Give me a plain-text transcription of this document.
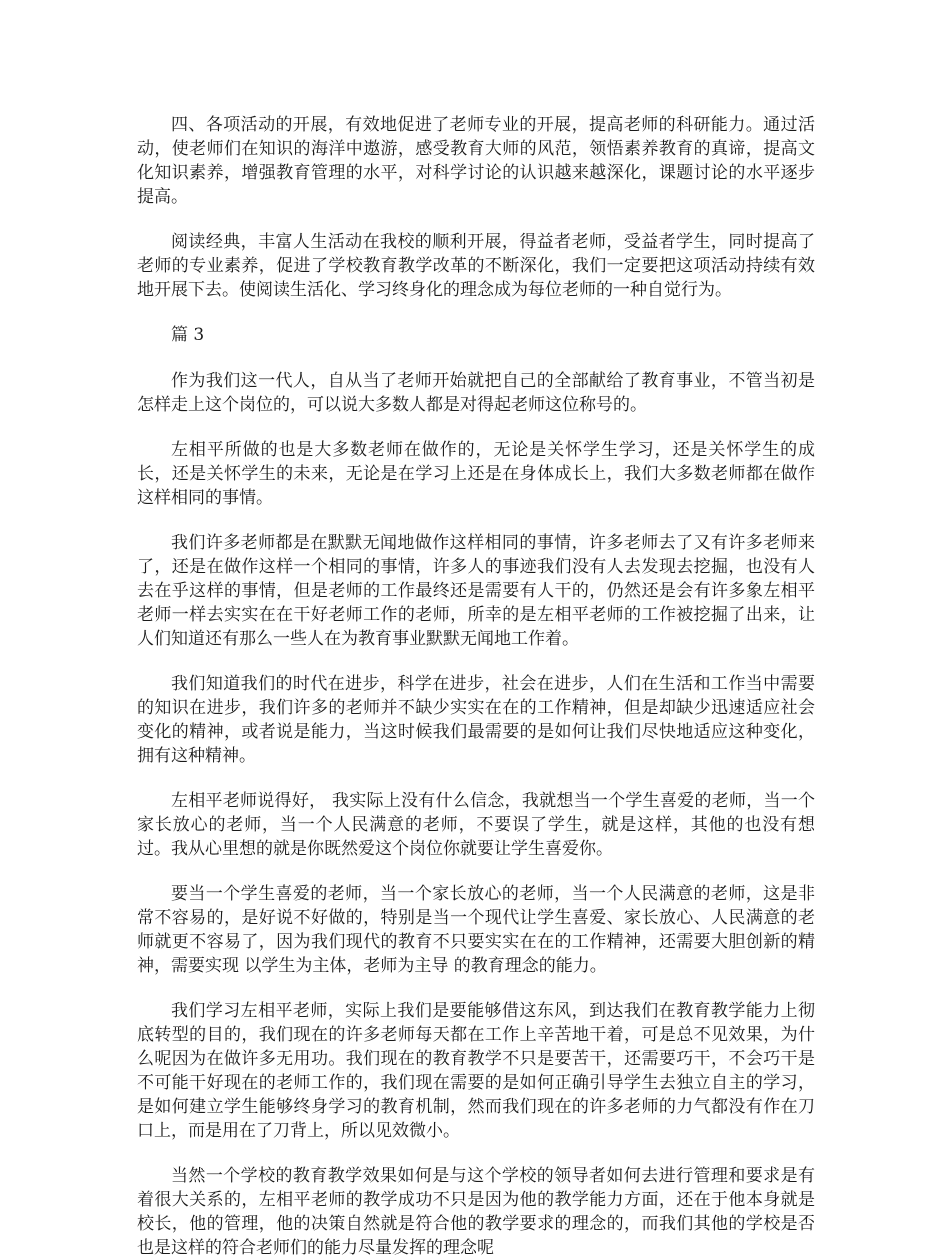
四、各项活动的开展，有效地促进了老师专业的开展，提高老师的科研能力。通过活动，使老师们在知识的海洋中遨游，感受教育大师的风范，领悟素养教育的真谛，提高文化知识素养，增强教育管理的水平，对科学讨论的认识越来越深化，课题讨论的水平逐步提高。

阅读经典，丰富人生活动在我校的顺利开展，得益者老师，受益者学生，同时提高了老师的专业素养，促进了学校教育教学改革的不断深化，我们一定要把这项活动持续有效地开展下去。使阅读生活化、学习终身化的理念成为每位老师的一种自觉行为。

篇 3

作为我们这一代人，自从当了老师开始就把自己的全部献给了教育事业，不管当初是怎样走上这个岗位的，可以说大多数人都是对得起老师这位称号的。

左相平所做的也是大多数老师在做作的，无论是关怀学生学习，还是关怀学生的成长，还是关怀学生的未来，无论是在学习上还是在身体成长上，我们大多数老师都在做作这样相同的事情。

我们许多老师都是在默默无闻地做作这样相同的事情，许多老师去了又有许多老师来了，还是在做作这样一个相同的事情，许多人的事迹我们没有人去发现去挖掘，也没有人去在乎这样的事情，但是老师的工作最终还是需要有人干的，仍然还是会有许多象左相平老师一样去实实在在干好老师工作的老师，所幸的是左相平老师的工作被挖掘了出来，让人们知道还有那么一些人在为教育事业默默无闻地工作着。

我们知道我们的时代在进步，科学在进步，社会在进步，人们在生活和工作当中需要的知识在进步，我们许多的老师并不缺少实实在在的工作精神，但是却缺少迅速适应社会变化的精神，或者说是能力，当这时候我们最需要的是如何让我们尽快地适应这种变化，拥有这种精神。

左相平老师说得好， 我实际上没有什么信念，我就想当一个学生喜爱的老师，当一个家长放心的老师，当一个人民满意的老师，不要误了学生，就是这样，其他的也没有想过。我从心里想的就是你既然爱这个岗位你就要让学生喜爱你。

要当一个学生喜爱的老师，当一个家长放心的老师，当一个人民满意的老师，这是非常不容易的，是好说不好做的，特别是当一个现代让学生喜爱、家长放心、人民满意的老师就更不容易了，因为我们现代的教育不只要实实在在的工作精神，还需要大胆创新的精神，需要实现 以学生为主体，老师为主导 的教育理念的能力。

我们学习左相平老师，实际上我们是要能够借这东风，到达我们在教育教学能力上彻底转型的目的，我们现在的许多老师每天都在工作上辛苦地干着，可是总不见效果，为什么呢因为在做许多无用功。我们现在的教育教学不只是要苦干，还需要巧干，不会巧干是不可能干好现在的老师工作的，我们现在需要的是如何正确引导学生去独立自主的学习，是如何建立学生能够终身学习的教育机制，然而我们现在的许多老师的力气都没有作在刀口上，而是用在了刀背上，所以见效微小。

当然一个学校的教育教学效果如何是与这个学校的领导者如何去进行管理和要求是有着很大关系的，左相平老师的教学成功不只是因为他的教学能力方面，还在于他本身就是校长，他的管理，他的决策自然就是符合他的教学要求的理念的，而我们其他的学校是否也是这样的符合老师们的能力尽量发挥的理念呢
